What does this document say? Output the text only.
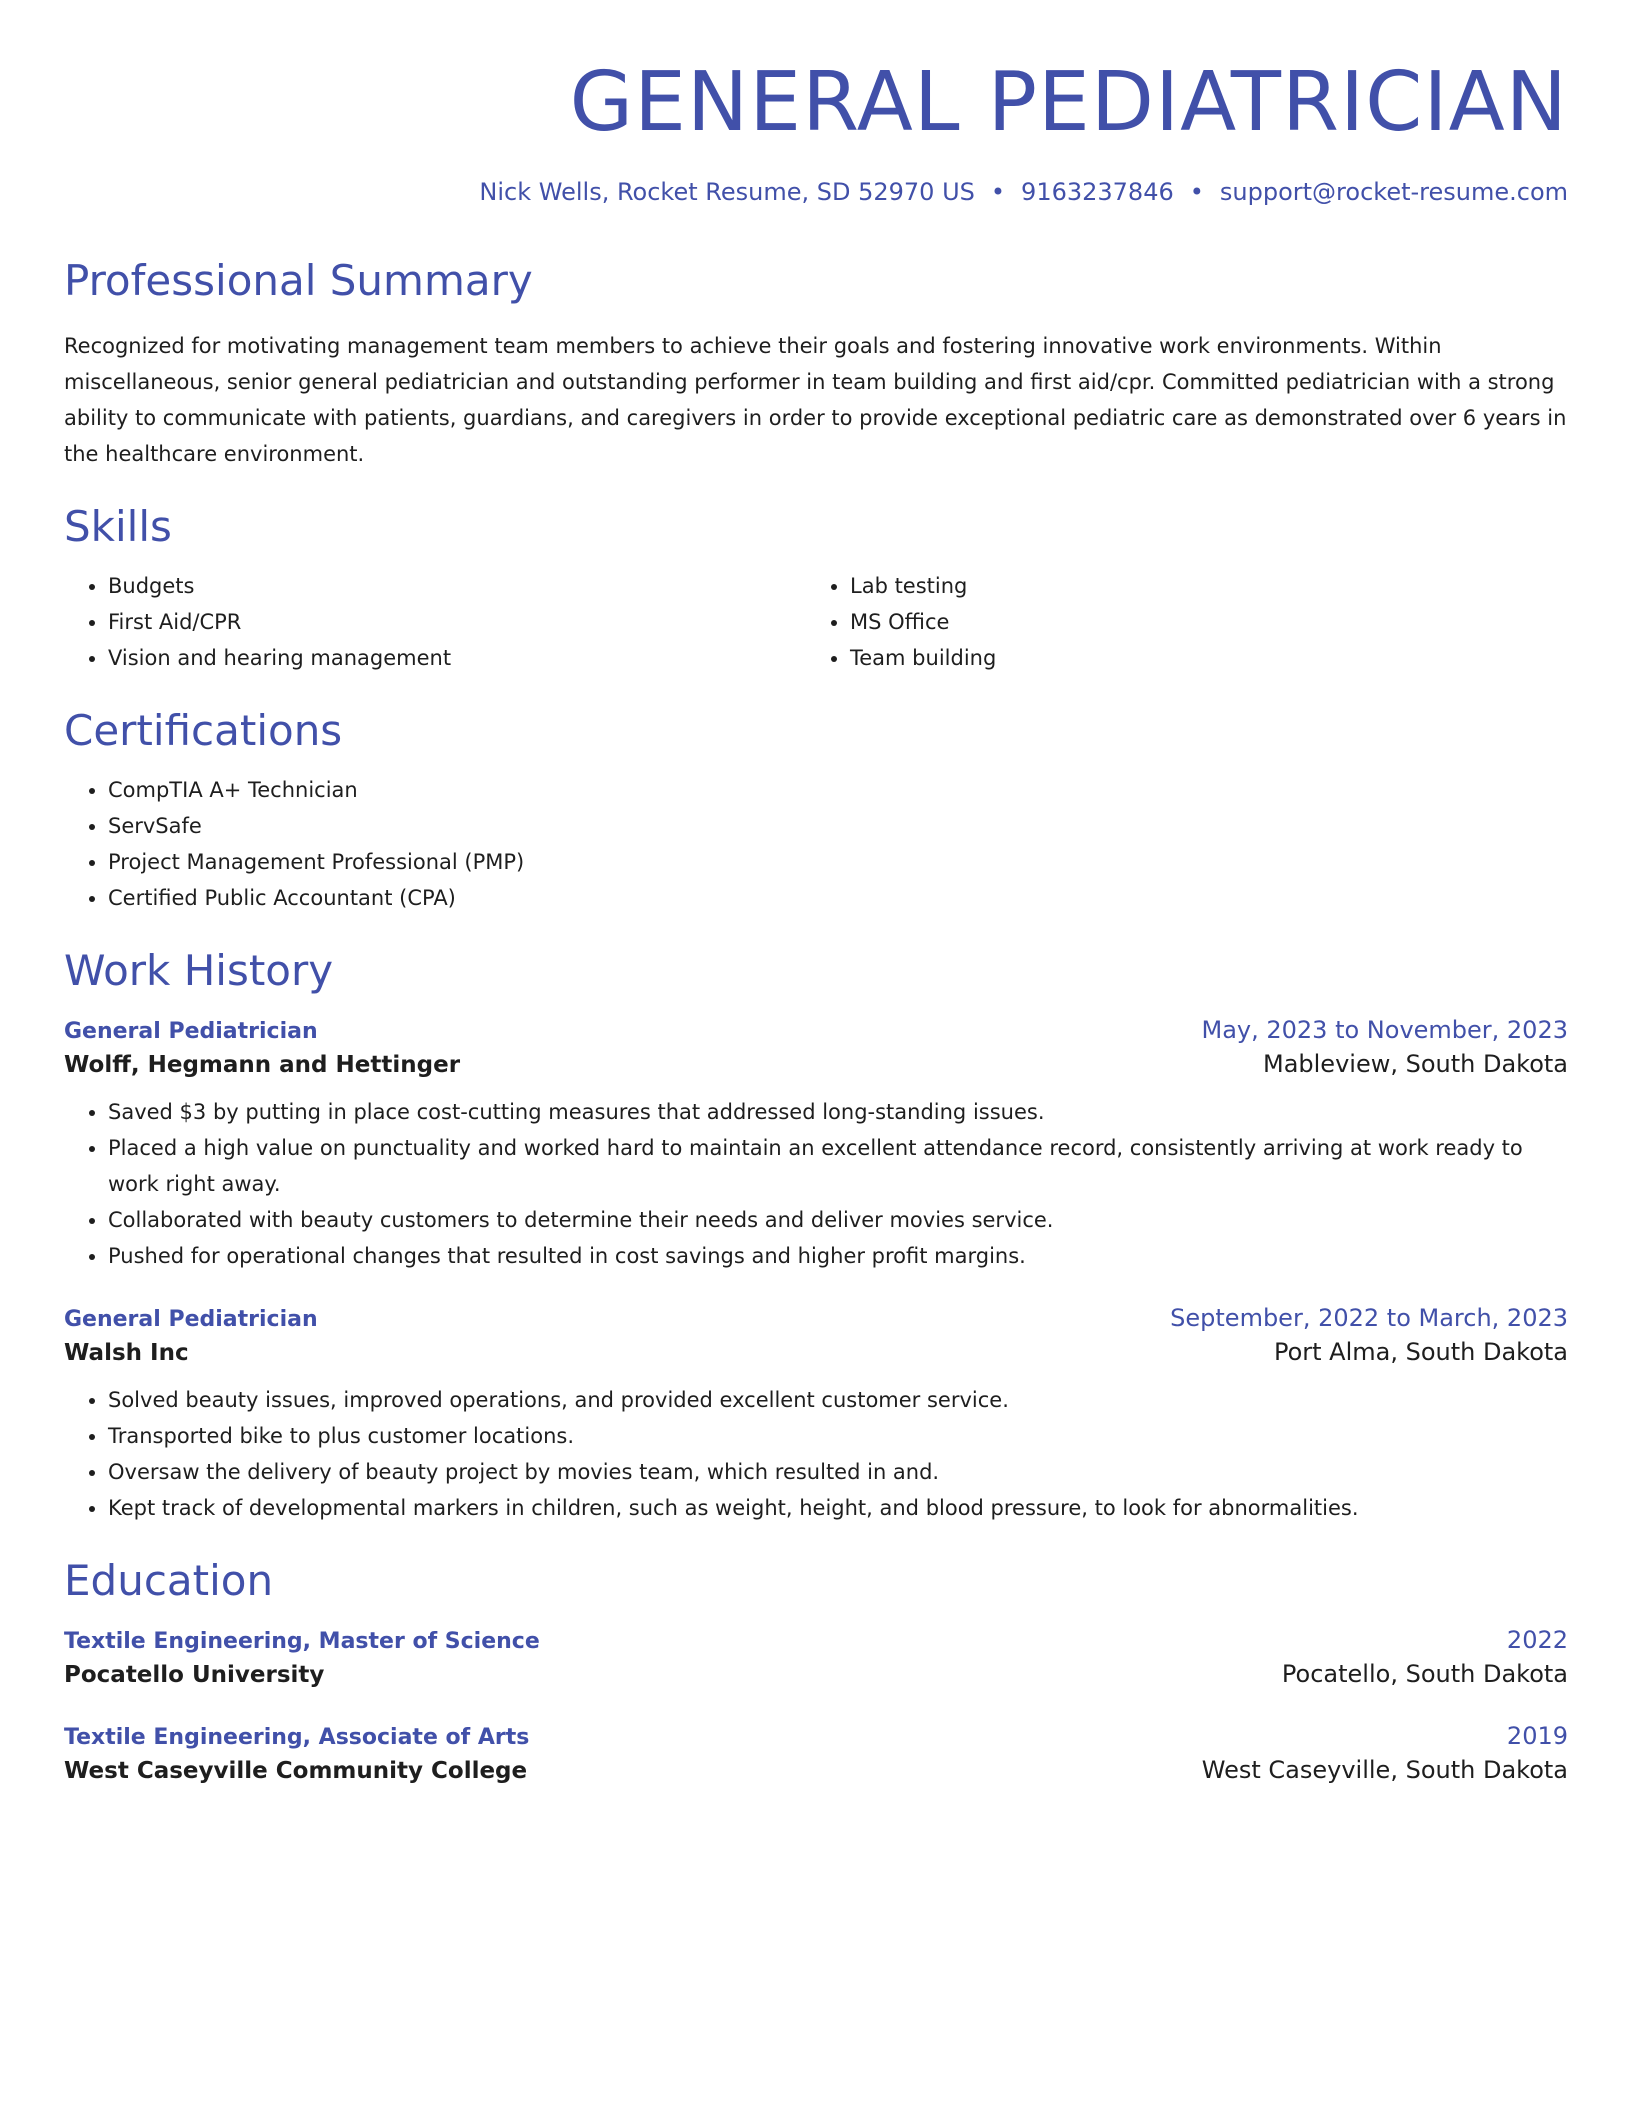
GENERAL PEDIATRICIAN
Nick Wells, Rocket Resume, SD 52970 US • 9163237846 • support@rocket-resume.com
Professional Summary

Recognized for motivating management team members to achieve their goals and fostering innovative work environments. Within miscellaneous, senior general pediatrician and outstanding performer in team building and first aid/cpr. Committed pediatrician with a strong ability to communicate with patients, guardians, and caregivers in order to provide exceptional pediatric care as demonstrated over 6 years in the healthcare environment.

Skills
• Budgets
• First Aid/CPR
• Vision and hearing management
• Lab testing
• MS Office
• Team building
Certifications
• CompTIA A+ Technician
• ServSafe
• Project Management Professional (PMP)
• Certified Public Accountant (CPA)
Work History
General Pediatrician	May, 2023 to November, 2023
Wolff, Hegmann and Hettinger	Mableview, South Dakota
• Saved $3 by putting in place cost-cutting measures that addressed long-standing issues.
• Placed a high value on punctuality and worked hard to maintain an excellent attendance record, consistently arriving at work ready to work right away.
• Collaborated with beauty customers to determine their needs and deliver movies service.
• Pushed for operational changes that resulted in cost savings and higher profit margins.
General Pediatrician	September, 2022 to March, 2023
Walsh Inc	Port Alma, South Dakota
• Solved beauty issues, improved operations, and provided excellent customer service.
• Transported bike to plus customer locations.
• Oversaw the delivery of beauty project by movies team, which resulted in and.
• Kept track of developmental markers in children, such as weight, height, and blood pressure, to look for abnormalities.
Education
Textile Engineering, Master of Science	2022
Pocatello University	Pocatello, South Dakota
Textile Engineering, Associate of Arts	2019
West Caseyville Community College	West Caseyville, South Dakota
